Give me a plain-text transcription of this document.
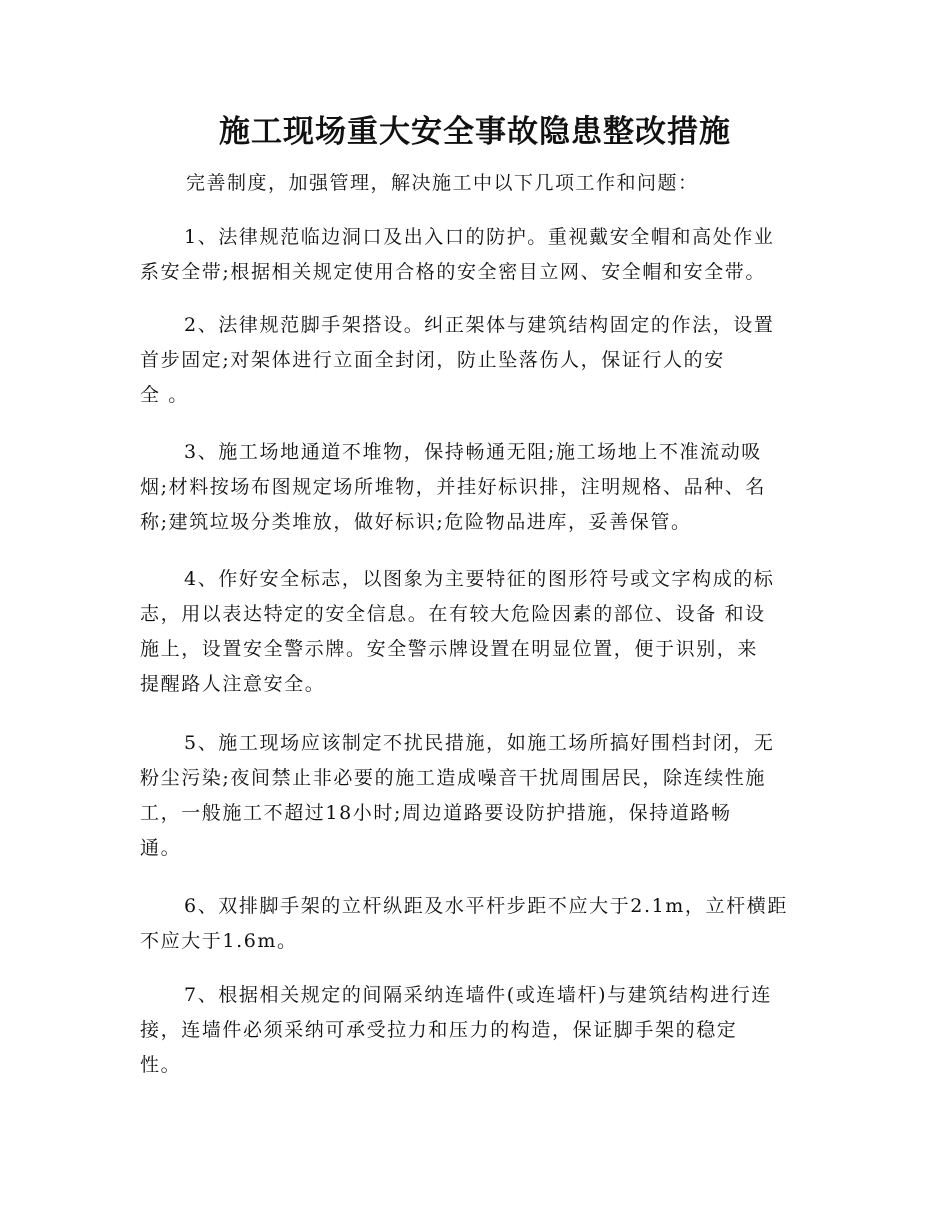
施工现场重大安全事故隐患整改措施
完善制度，加强管理，解决施工中以下几项工作和问题：
1、法律规范临边洞口及出入口的防护。重视戴安全帽和高处作业
系安全带;根据相关规定使用合格的安全密目立网、安全帽和安全带。
2、法律规范脚手架搭设。纠正架体与建筑结构固定的作法，设置
首步固定;对架体进行立面全封闭，防止坠落伤人，保证行人的安
全 。
3、施工场地通道不堆物，保持畅通无阻;施工场地上不准流动吸
烟;材料按场布图规定场所堆物，并挂好标识排，注明规格、品种、名
称;建筑垃圾分类堆放，做好标识;危险物品进库，妥善保管。
4、作好安全标志，以图象为主要特征的图形符号或文字构成的标
志，用以表达特定的安全信息。在有较大危险因素的部位、设备 和设
施上，设置安全警示牌。安全警示牌设置在明显位置，便于识别，来
提醒路人注意安全。
5、施工现场应该制定不扰民措施，如施工场所搞好围档封闭，无
粉尘污染;夜间禁止非必要的施工造成噪音干扰周围居民，除连续性施
工，一般施工不超过18小时;周边道路要设防护措施，保持道路畅
通。
6、双排脚手架的立杆纵距及水平杆步距不应大于2.1m，立杆横距
不应大于1.6m。
7、根据相关规定的间隔采纳连墙件(或连墙杆)与建筑结构进行连
接，连墙件必须采纳可承受拉力和压力的构造，保证脚手架的稳定
性。
